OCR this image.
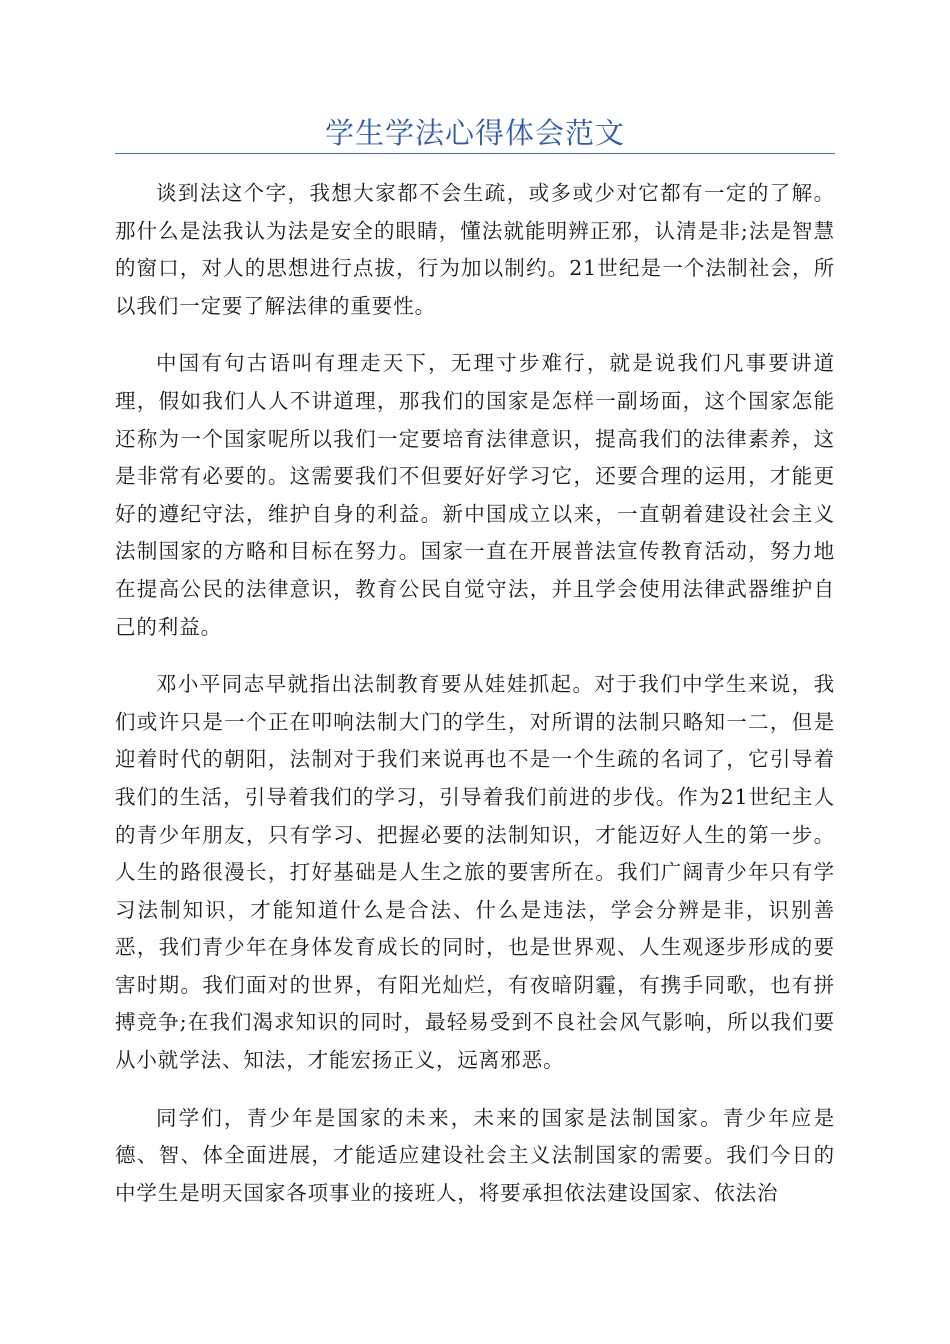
学生学法心得体会范文

谈到法这个字，我想大家都不会生疏，或多或少对它都有一定的了解。那什么是法我认为法是安全的眼睛，懂法就能明辨正邪，认清是非;法是智慧的窗口，对人的思想进行点拔，行为加以制约。21世纪是一个法制社会，所以我们一定要了解法律的重要性。

中国有句古语叫有理走天下，无理寸步难行，就是说我们凡事要讲道理，假如我们人人不讲道理，那我们的国家是怎样一副场面，这个国家怎能还称为一个国家呢所以我们一定要培育法律意识，提高我们的法律素养，这是非常有必要的。这需要我们不但要好好学习它，还要合理的运用，才能更好的遵纪守法，维护自身的利益。新中国成立以来，一直朝着建设社会主义法制国家的方略和目标在努力。国家一直在开展普法宣传教育活动，努力地在提高公民的法律意识，教育公民自觉守法，并且学会使用法律武器维护自己的利益。

邓小平同志早就指出法制教育要从娃娃抓起。对于我们中学生来说，我们或许只是一个正在叩响法制大门的学生，对所谓的法制只略知一二，但是迎着时代的朝阳，法制对于我们来说再也不是一个生疏的名词了，它引导着我们的生活，引导着我们的学习，引导着我们前进的步伐。作为21世纪主人的青少年朋友，只有学习、把握必要的法制知识，才能迈好人生的第一步。人生的路很漫长，打好基础是人生之旅的要害所在。我们广阔青少年只有学习法制知识，才能知道什么是合法、什么是违法，学会分辨是非，识别善恶，我们青少年在身体发育成长的同时，也是世界观、人生观逐步形成的要害时期。我们面对的世界，有阳光灿烂，有夜暗阴霾，有携手同歌，也有拼搏竞争;在我们渴求知识的同时，最轻易受到不良社会风气影响，所以我们要从小就学法、知法，才能宏扬正义，远离邪恶。

同学们，青少年是国家的未来，未来的国家是法制国家。青少年应是德、智、体全面进展，才能适应建设社会主义法制国家的需要。我们今日的中学生是明天国家各项事业的接班人，将要承担依法建设国家、依法治
